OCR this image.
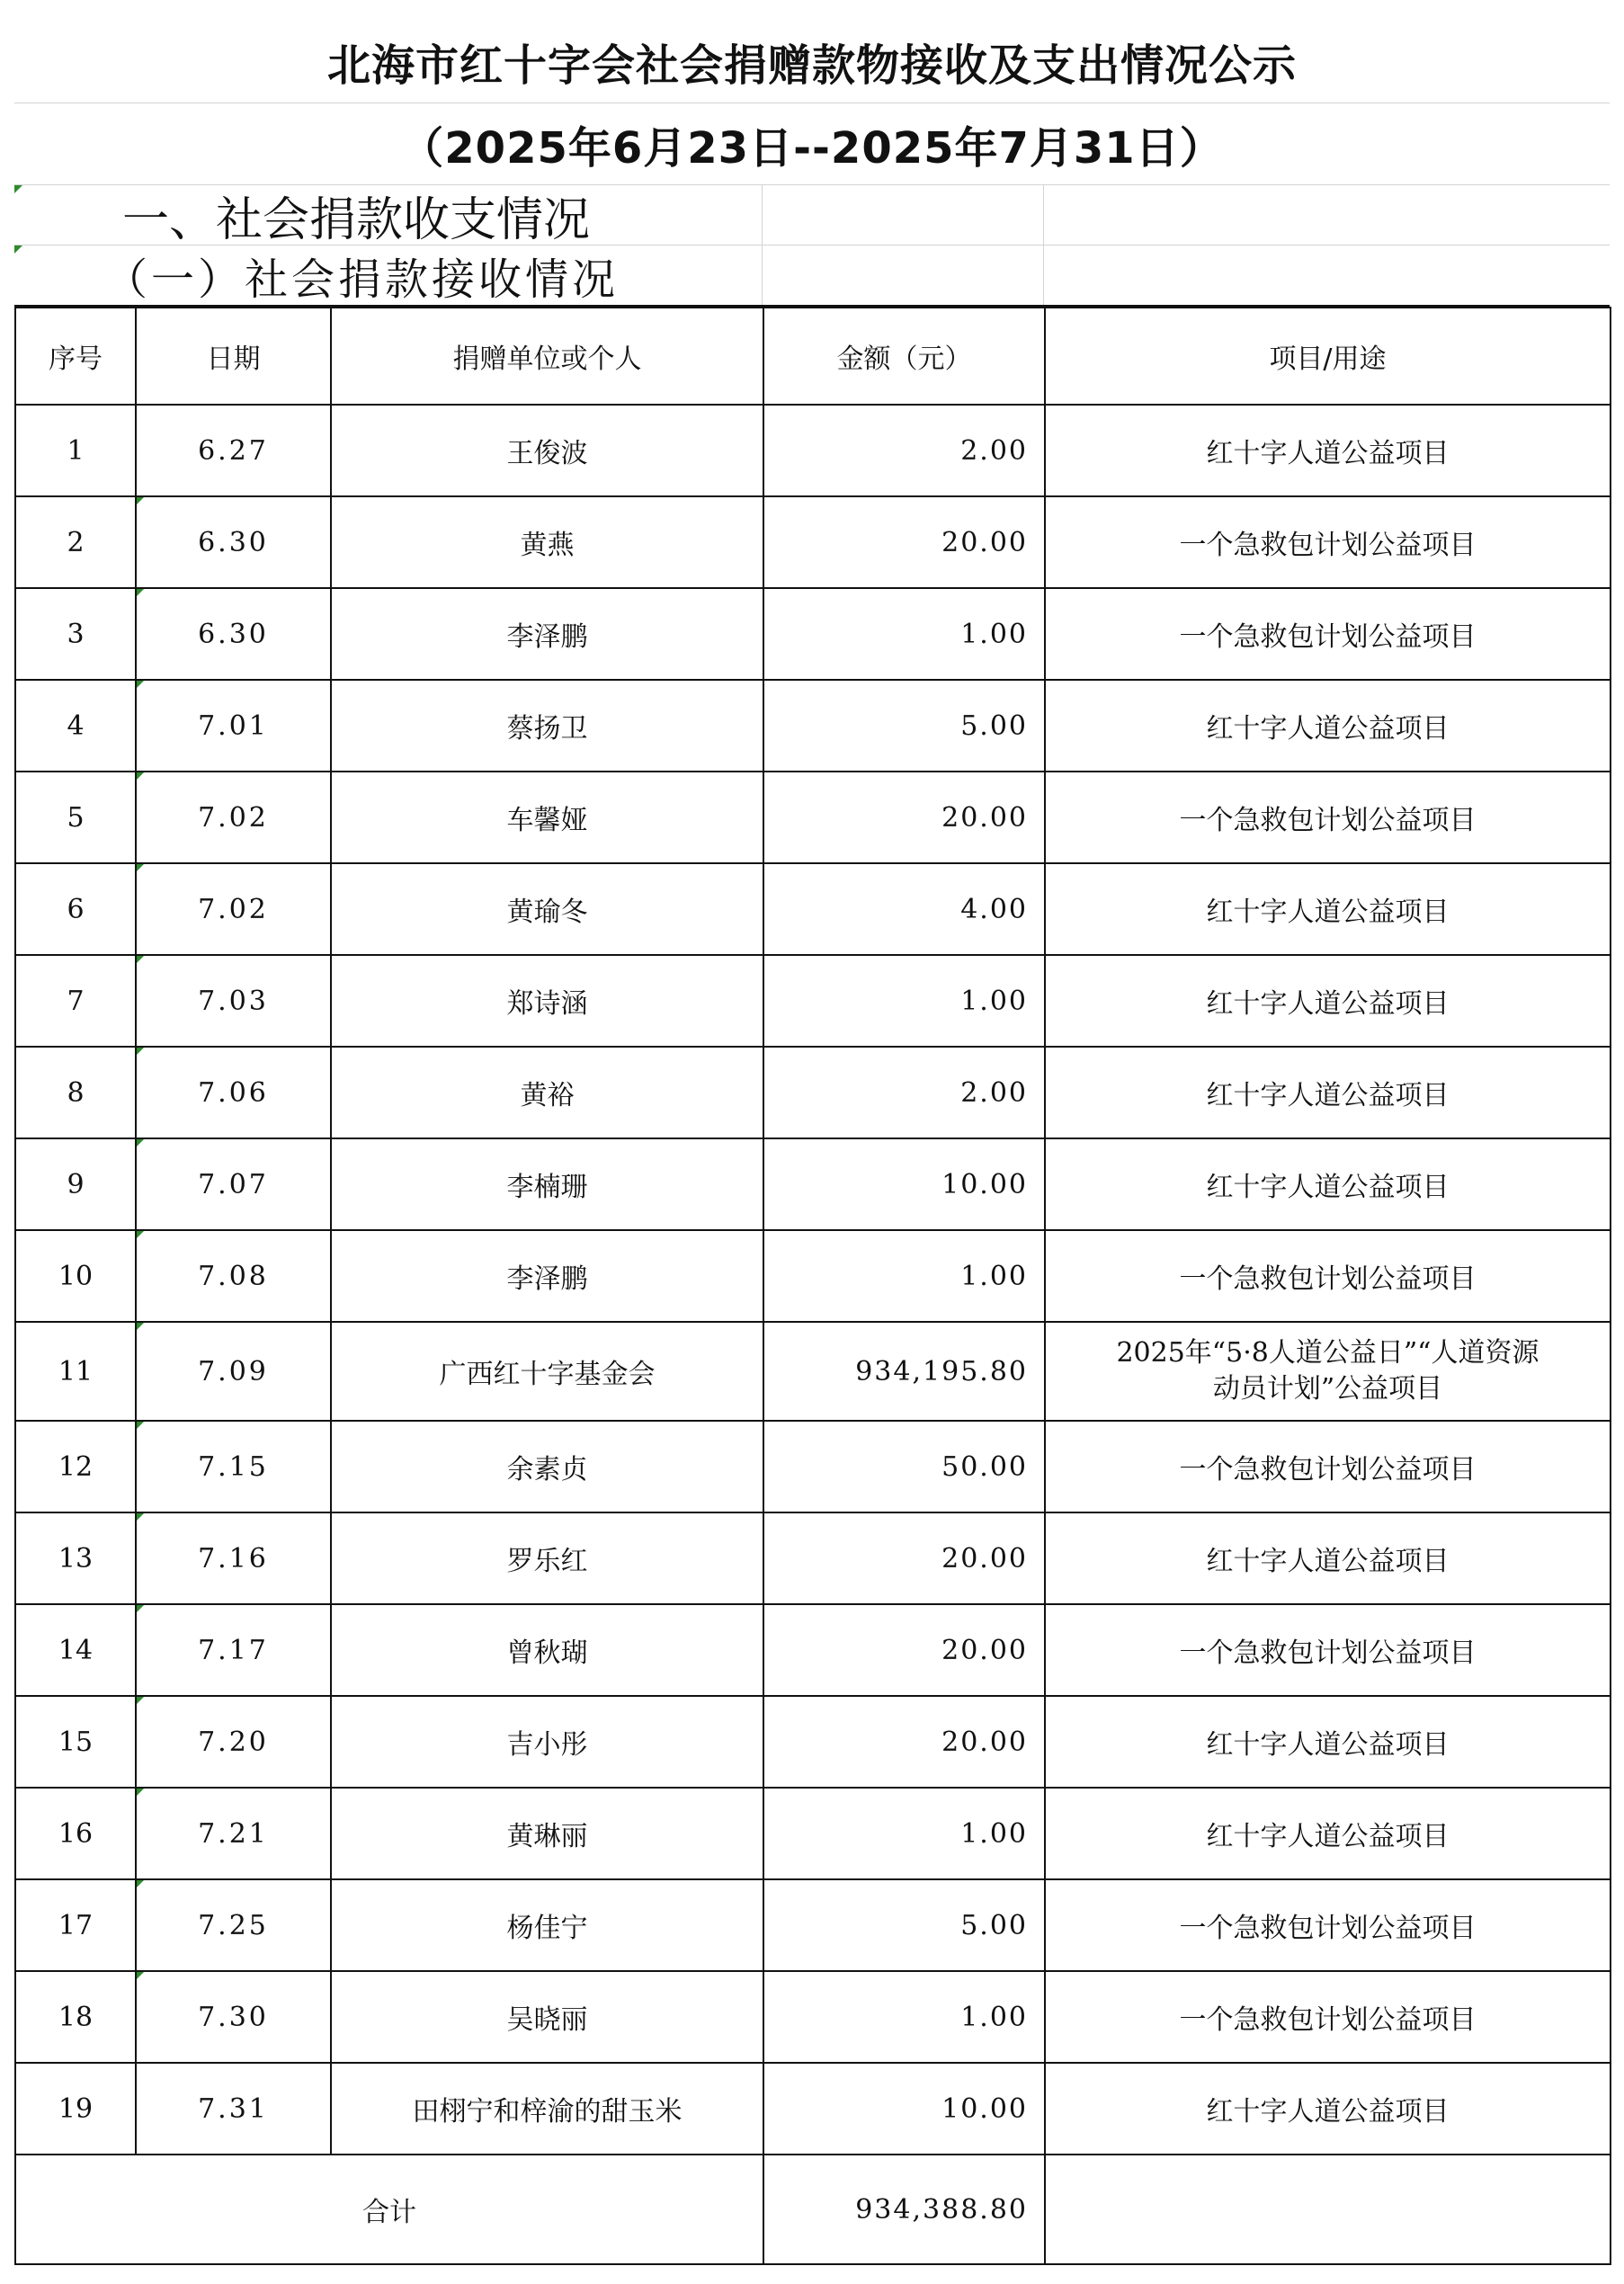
北海市红十字会社会捐赠款物接收及支出情况公示
（2025年6月23日--2025年7月31日）
一、社会捐款收支情况
（一）社会捐款接收情况
序号	日期	捐赠单位或个人	金额（元）	项目/用途
1	6.27	王俊波	2.00	红十字人道公益项目
2	6.30	黄燕	20.00	一个急救包计划公益项目
3	6.30	李泽鹏	1.00	一个急救包计划公益项目
4	7.01	蔡扬卫	5.00	红十字人道公益项目
5	7.02	车馨娅	20.00	一个急救包计划公益项目
6	7.02	黄瑜冬	4.00	红十字人道公益项目
7	7.03	郑诗涵	1.00	红十字人道公益项目
8	7.06	黄裕	2.00	红十字人道公益项目
9	7.07	李楠珊	10.00	红十字人道公益项目
10	7.08	李泽鹏	1.00	一个急救包计划公益项目
11	7.09	广西红十字基金会	934,195.80	2025年“5·8人道公益日”“人道资源
动员计划”公益项目

12	7.15	余素贞	50.00	一个急救包计划公益项目
13	7.16	罗乐红	20.00	红十字人道公益项目
14	7.17	曾秋瑚	20.00	一个急救包计划公益项目
15	7.20	吉小彤	20.00	红十字人道公益项目
16	7.21	黄琳丽	1.00	红十字人道公益项目
17	7.25	杨佳宁	5.00	一个急救包计划公益项目
18	7.30	吴晓丽	1.00	一个急救包计划公益项目
19	7.31	田栩宁和梓渝的甜玉米	10.00	红十字人道公益项目
合计			934,388.80	
